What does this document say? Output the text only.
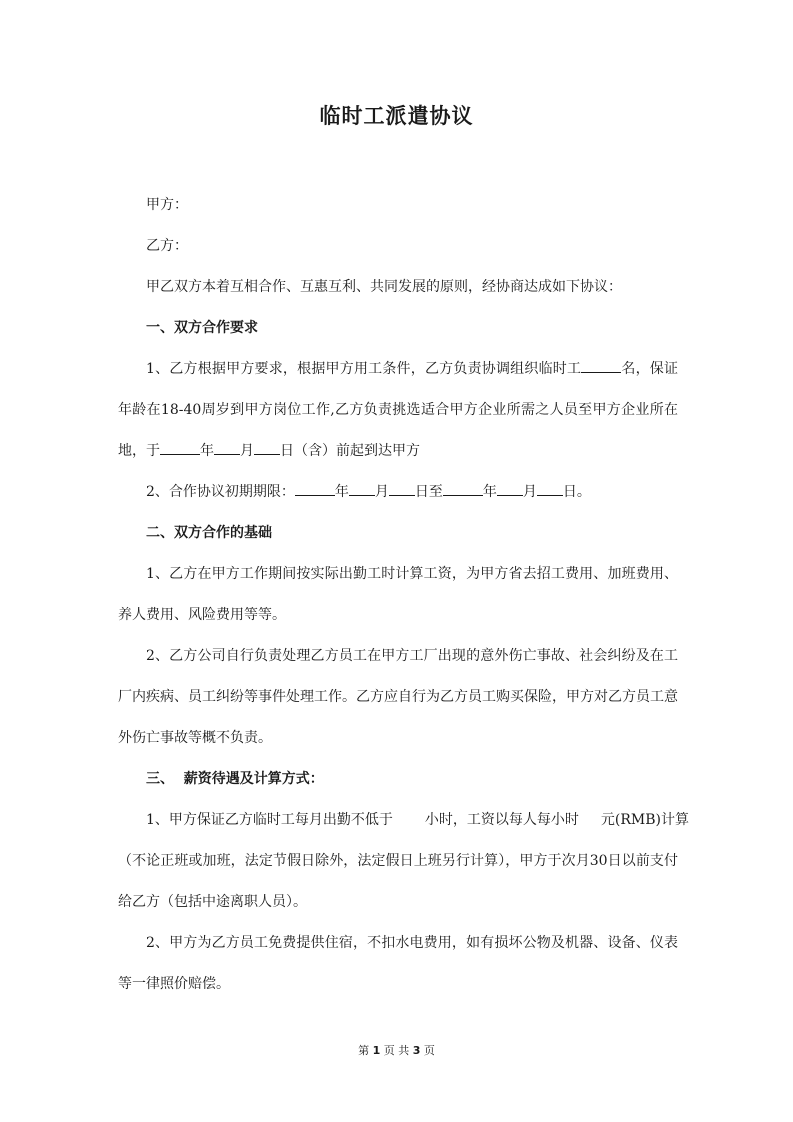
临时工派遣协议
甲方：
乙方：
甲乙双方本着互相合作、互惠互利、共同发展的原则，经协商达成如下协议：
一、双方合作要求
1、乙方根据甲方要求，根据甲方用工条件，乙方负责协调组织临时工	名，保证
年龄在18-40周岁到甲方岗位工作,乙方负责挑选适合甲方企业所需之人员至甲方企业所在
地，于	年 月 日（含）前起到达甲方
2、合作协议初期期限：	年 月 日至	年 月 日。
二、双方合作的基础
1、乙方在甲方工作期间按实际出勤工时计算工资，为甲方省去招工费用、加班费用、
养人费用、风险费用等等。
2、乙方公司自行负责处理乙方员工在甲方工厂出现的意外伤亡事故、社会纠纷及在工
厂内疾病、员工纠纷等事件处理工作。乙方应自行为乙方员工购买保险，甲方对乙方员工意
外伤亡事故等概不负责。
三、  薪资待遇及计算方式：
1、甲方保证乙方临时工每月出勤不低于 小时，工资以每人每小时 元(RMB)计算
（不论正班或加班，法定节假日除外，法定假日上班另行计算），甲方于次月30日以前支付
给乙方（包括中途离职人员）。
2、甲方为乙方员工免费提供住宿，不扣水电费用，如有损坏公物及机器、设备、仪表
等一律照价赔偿。
第 1 页 共 3 页
